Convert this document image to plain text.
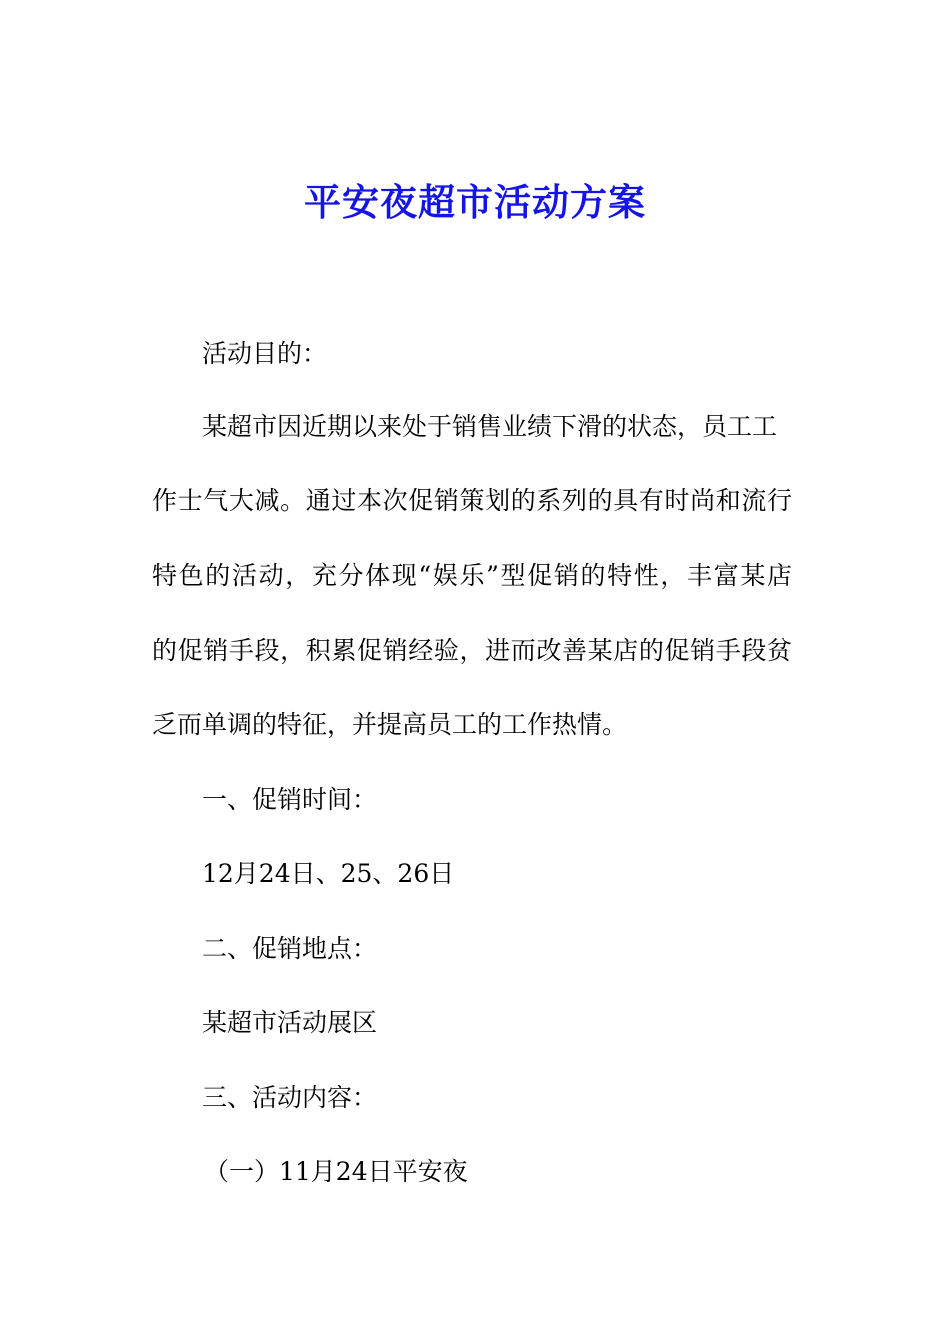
平安夜超市活动方案
活动目的：
某超市因近期以来处于销售业绩下滑的状态，员工工
作士气大减。通过本次促销策划的系列的具有时尚和流行
特色的活动，充分体现“娱乐”型促销的特性，丰富某店
的促销手段，积累促销经验，进而改善某店的促销手段贫
乏而单调的特征，并提高员工的工作热情。
一、促销时间：
12月24日、25、26日
二、促销地点：
某超市活动展区
三、活动内容：
（一）11月24日平安夜
